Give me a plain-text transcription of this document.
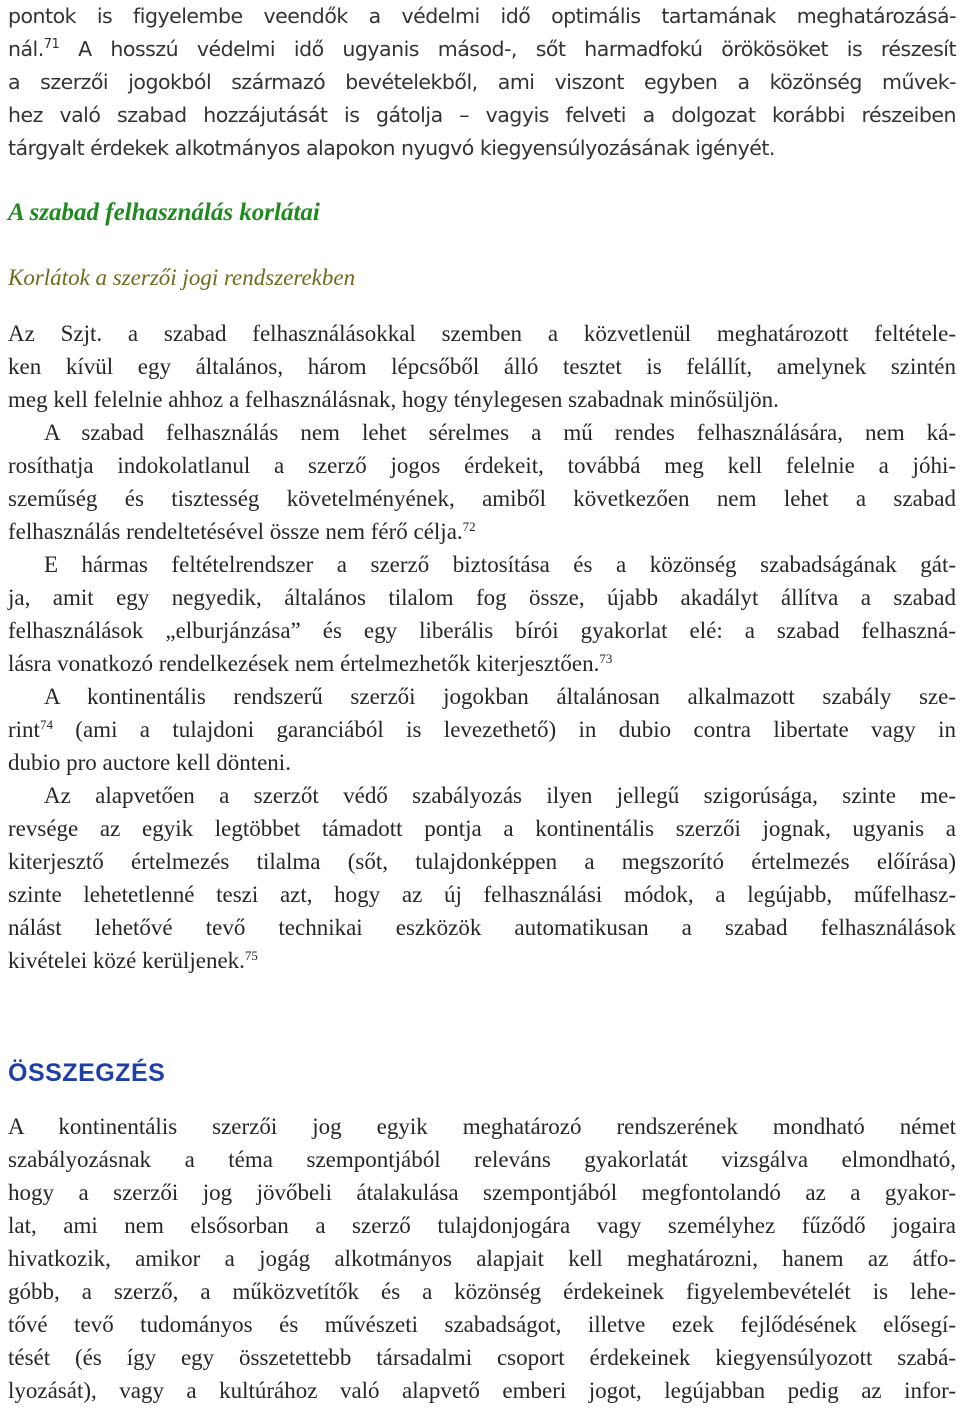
pontok is figyelembe veendők a védelmi idő optimális tartamának meghatározásá-
nál.$^{71}$ A hosszú védelmi idő ugyanis másod-, sőt harmadfokú örökösöket is részesít
a szerzői jogokból származó bevételekből, ami viszont egyben a közönség művek-
hez való szabad hozzájutását is gátolja – vagyis felveti a dolgozat korábbi részeiben
tárgyalt érdekek alkotmányos alapokon nyugvó kiegyensúlyozásának igényét.
A szabad felhasználás korlátai
Korlátok a szerzői jogi rendszerekben
Az Szjt. a szabad felhasználásokkal szemben a közvetlenül meghatározott feltétele-
ken kívül egy általános, három lépcsőből álló tesztet is felállít, amelynek szintén
meg kell felelnie ahhoz a felhasználásnak, hogy ténylegesen szabadnak minősüljön.
A szabad felhasználás nem lehet sérelmes a mű rendes felhasználására, nem ká-
rosíthatja indokolatlanul a szerző jogos érdekeit, továbbá meg kell felelnie a jóhi-
szeműség és tisztesség követelményének, amiből következően nem lehet a szabad
felhasználás rendeltetésével össze nem férő célja.$^{72}$
E hármas feltételrendszer a szerző biztosítása és a közönség szabadságának gát-
ja, amit egy negyedik, általános tilalom fog össze, újabb akadályt állítva a szabad
felhasználások „elburjánzása” és egy liberális bírói gyakorlat elé: a szabad felhaszná-
lásra vonatkozó rendelkezések nem értelmezhetők kiterjesztően.$^{73}$
A kontinentális rendszerű szerzői jogokban általánosan alkalmazott szabály sze-
rint$^{74}$ (ami a tulajdoni garanciából is levezethető) in dubio contra libertate vagy in
dubio pro auctore kell dönteni.
Az alapvetően a szerzőt védő szabályozás ilyen jellegű szigorúsága, szinte me-
revsége az egyik legtöbbet támadott pontja a kontinentális szerzői jognak, ugyanis a
kiterjesztő értelmezés tilalma (sőt, tulajdonképpen a megszorító értelmezés előírása)
szinte lehetetlenné teszi azt, hogy az új felhasználási módok, a legújabb, műfelhasz-
nálást lehetővé tevő technikai eszközök automatikusan a szabad felhasználások
kivételei közé kerüljenek.$^{75}$
ÖSSZEGZÉS
A kontinentális szerzői jog egyik meghatározó rendszerének mondható német
szabályozásnak a téma szempontjából releváns gyakorlatát vizsgálva elmondható,
hogy a szerzői jog jövőbeli átalakulása szempontjából megfontolandó az a gyakor-
lat, ami nem elsősorban a szerző tulajdonjogára vagy személyhez fűződő jogaira
hivatkozik, amikor a jogág alkotmányos alapjait kell meghatározni, hanem az átfo-
góbb, a szerző, a műközvetítők és a közönség érdekeinek figyelembevételét is lehe-
tővé tevő tudományos és művészeti szabadságot, illetve ezek fejlődésének elősegí-
tését (és így egy összetettebb társadalmi csoport érdekeinek kiegyensúlyozott szabá-
lyozását), vagy a kultúrához való alapvető emberi jogot, legújabban pedig az infor-
